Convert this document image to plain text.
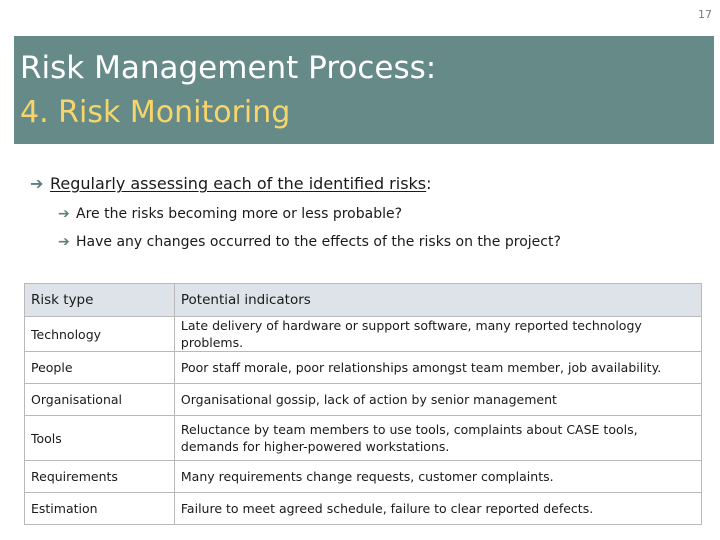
17
Risk Management Process:
4. Risk Monitoring
➔ Regularly assessing each of the identified risks:
➔ Are the risks becoming more or less probable?
➔ Have any changes occurred to the effects of the risks on the project?
Risk type	Potential indicators
Technology	Late delivery of hardware or support software, many reported technology problems.
People	Poor staff morale, poor relationships amongst team member, job availability.
Organisational	Organisational gossip, lack of action by senior management
Tools	Reluctance by team members to use tools, complaints about CASE tools, demands for higher-powered workstations.
Requirements	Many requirements change requests, customer complaints.
Estimation	Failure to meet agreed schedule, failure to clear reported defects.
